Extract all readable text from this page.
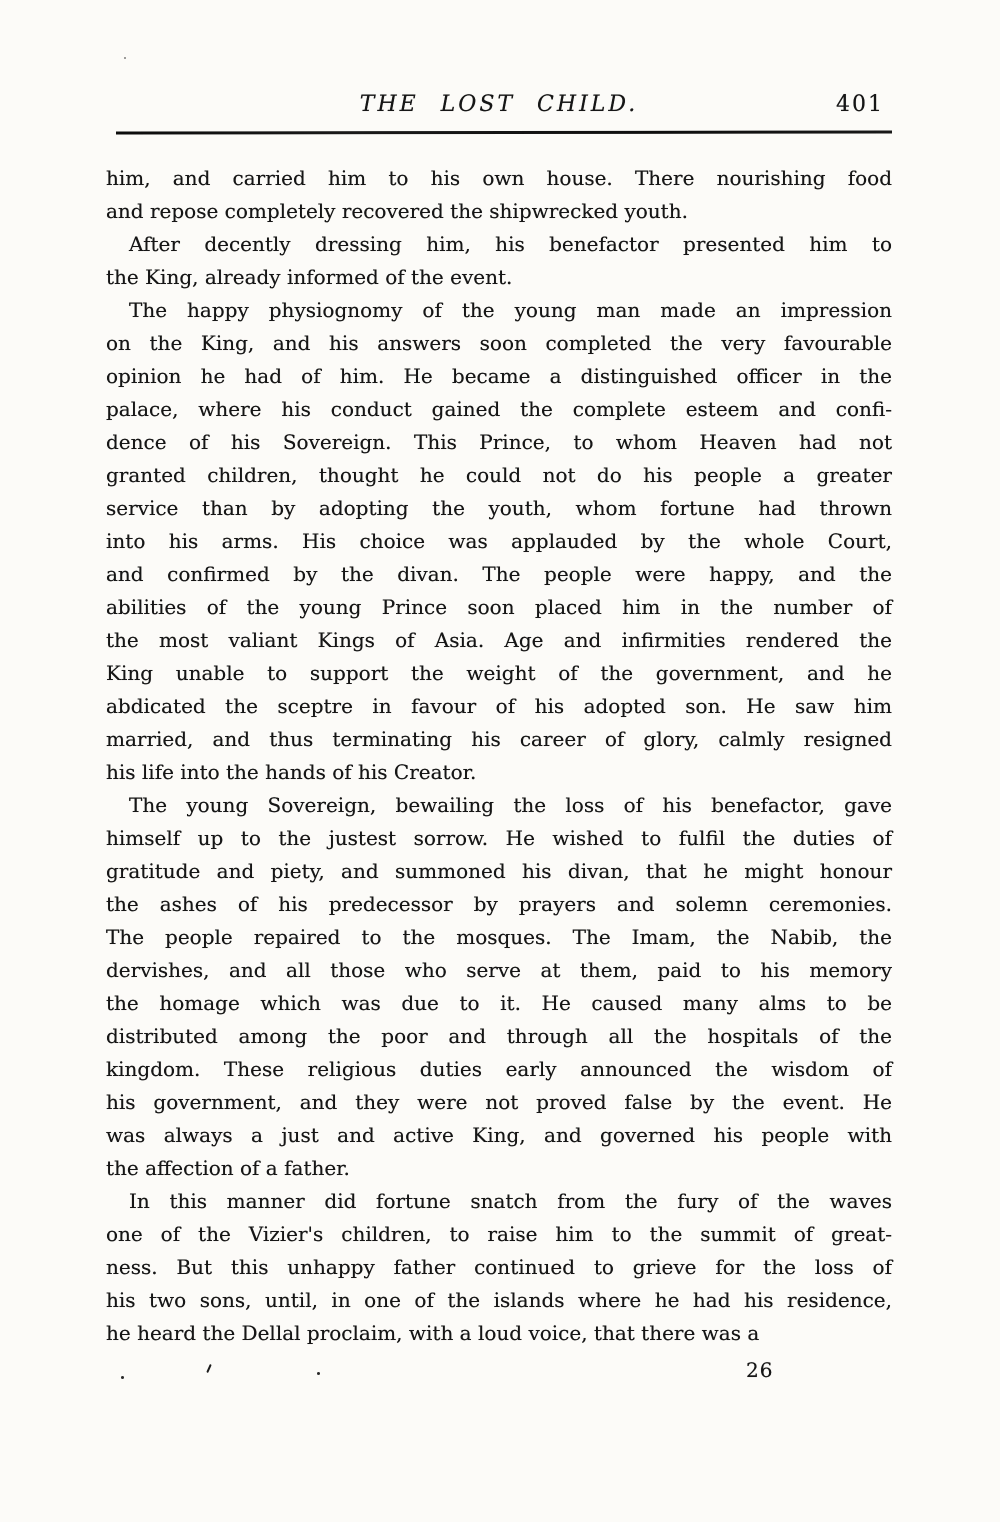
THE LOST CHILD.	401
him, and carried him to his own house. There nourishing food
and repose completely recovered the shipwrecked youth.
After decently dressing him, his benefactor presented him to
the King, already informed of the event.
The happy physiognomy of the young man made an impression
on the King, and his answers soon completed the very favourable
opinion he had of him. He became a distinguished officer in the
palace, where his conduct gained the complete esteem and confi-
dence of his Sovereign. This Prince, to whom Heaven had not
granted children, thought he could not do his people a greater
service than by adopting the youth, whom fortune had thrown
into his arms. His choice was applauded by the whole Court,
and confirmed by the divan. The people were happy, and the
abilities of the young Prince soon placed him in the number of
the most valiant Kings of Asia. Age and infirmities rendered the
King unable to support the weight of the government, and he
abdicated the sceptre in favour of his adopted son. He saw him
married, and thus terminating his career of glory, calmly resigned
his life into the hands of his Creator.
The young Sovereign, bewailing the loss of his benefactor, gave
himself up to the justest sorrow. He wished to fulfil the duties of
gratitude and piety, and summoned his divan, that he might honour
the ashes of his predecessor by prayers and solemn ceremonies.
The people repaired to the mosques. The Imam, the Nabib, the
dervishes, and all those who serve at them, paid to his memory
the homage which was due to it. He caused many alms to be
distributed among the poor and through all the hospitals of the
kingdom. These religious duties early announced the wisdom of
his government, and they were not proved false by the event. He
was always a just and active King, and governed his people with
the affection of a father.
In this manner did fortune snatch from the fury of the waves
one of the Vizier's children, to raise him to the summit of great-
ness. But this unhappy father continued to grieve for the loss of
his two sons, until, in one of the islands where he had his residence,
he heard the Dellal proclaim, with a loud voice, that there was a
26
